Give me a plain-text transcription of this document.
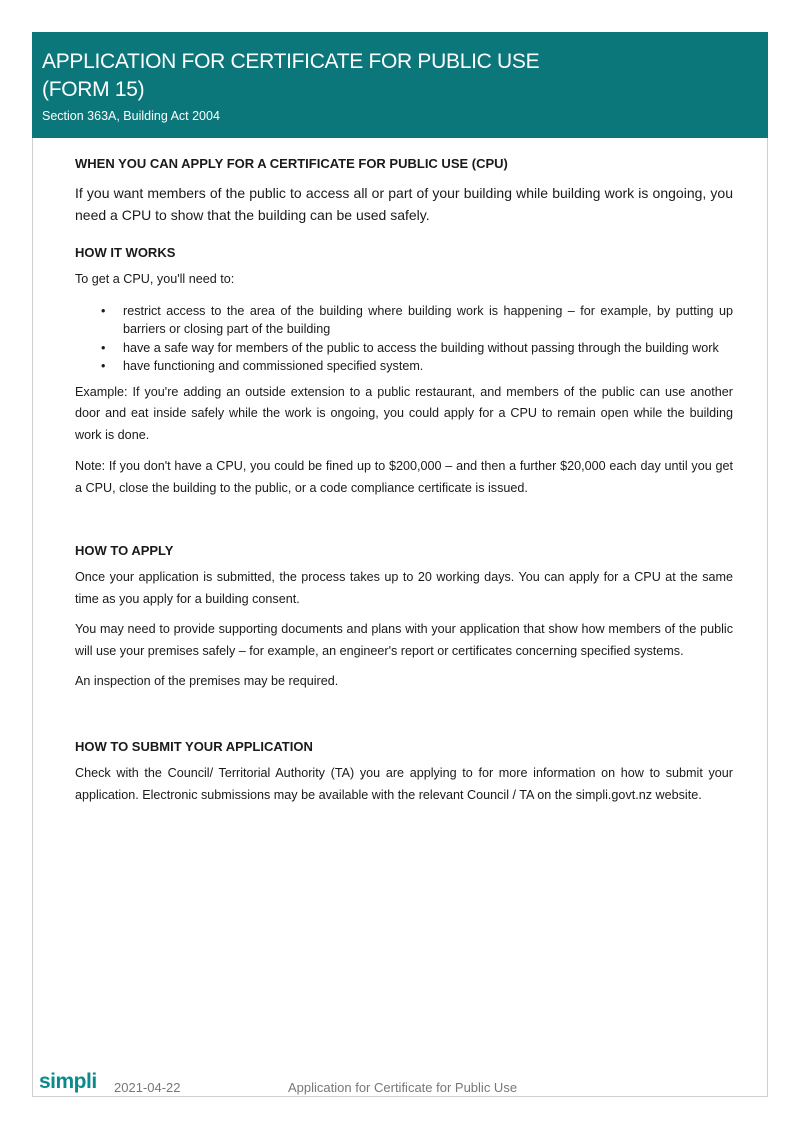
APPLICATION FOR CERTIFICATE FOR PUBLIC USE
(FORM 15)
Section 363A, Building Act 2004
WHEN YOU CAN APPLY FOR A CERTIFICATE FOR PUBLIC USE (CPU)

If you want members of the public to access all or part of your building while building work is ongoing, you need a CPU to show that the building can be used safely.

HOW IT WORKS

To get a CPU, you'll need to:

• restrict access to the area of the building where building work is happening – for example, by putting up barriers or closing part of the building
• have a safe way for members of the public to access the building without passing through the building work
• have functioning and commissioned specified system.

Example: If you're adding an outside extension to a public restaurant, and members of the public can use another door and eat inside safely while the work is ongoing, you could apply for a CPU to remain open while the building work is done.

Note: If you don't have a CPU, you could be fined up to $200,000 – and then a further $20,000 each day until you get a CPU, close the building to the public, or a code compliance certificate is issued.

HOW TO APPLY

Once your application is submitted, the process takes up to 20 working days. You can apply for a CPU at the same time as you apply for a building consent.

You may need to provide supporting documents and plans with your application that show how members of the public will use your premises safely – for example, an engineer's report or certificates concerning specified systems.

An inspection of the premises may be required.

HOW TO SUBMIT YOUR APPLICATION

Check with the Council/ Territorial Authority (TA) you are applying to for more information on how to submit your application. Electronic submissions may be available with the relevant Council / TA on the simpli.govt.nz website.

simpli 2021-04-22	Application for Certificate for Public Use
